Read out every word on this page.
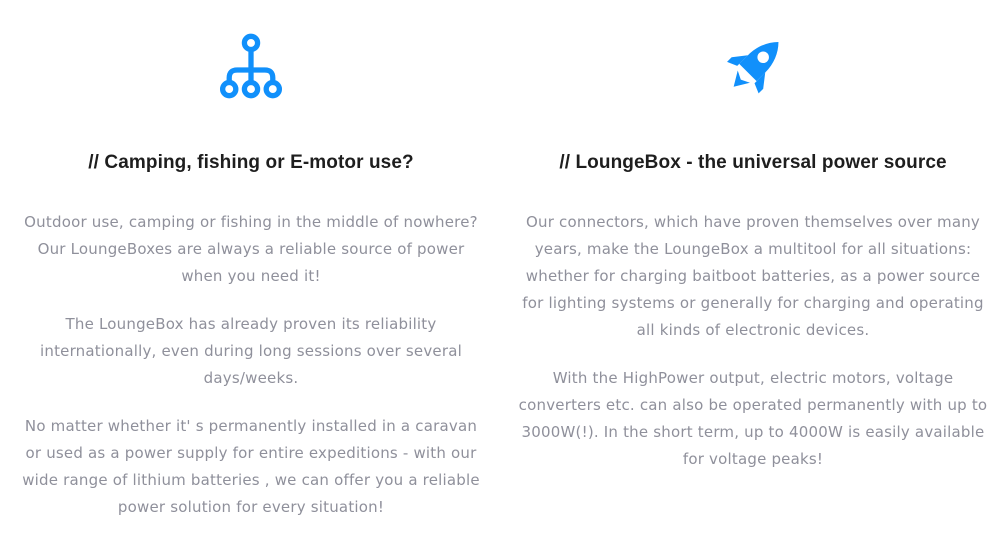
// Camping, fishing or E-motor use?

Outdoor use, camping or fishing in the middle of nowhere? Our LoungeBoxes are always a reliable source of power when you need it!

The LoungeBox has already proven its reliability internationally, even during long sessions over several days/weeks.

No matter whether it' s permanently installed in a caravan or used as a power supply for entire expeditions - with our wide range of lithium batteries , we can offer you a reliable power solution for every situation!

// LoungeBox - the universal power source

Our connectors, which have proven themselves over many years, make the LoungeBox a multitool for all situations: whether for charging baitboot batteries, as a power source for lighting systems or generally for charging and operating all kinds of electronic devices.

With the HighPower output, electric motors, voltage converters etc. can also be operated permanently with up to 3000W(!). In the short term, up to 4000W is easily available for voltage peaks!
